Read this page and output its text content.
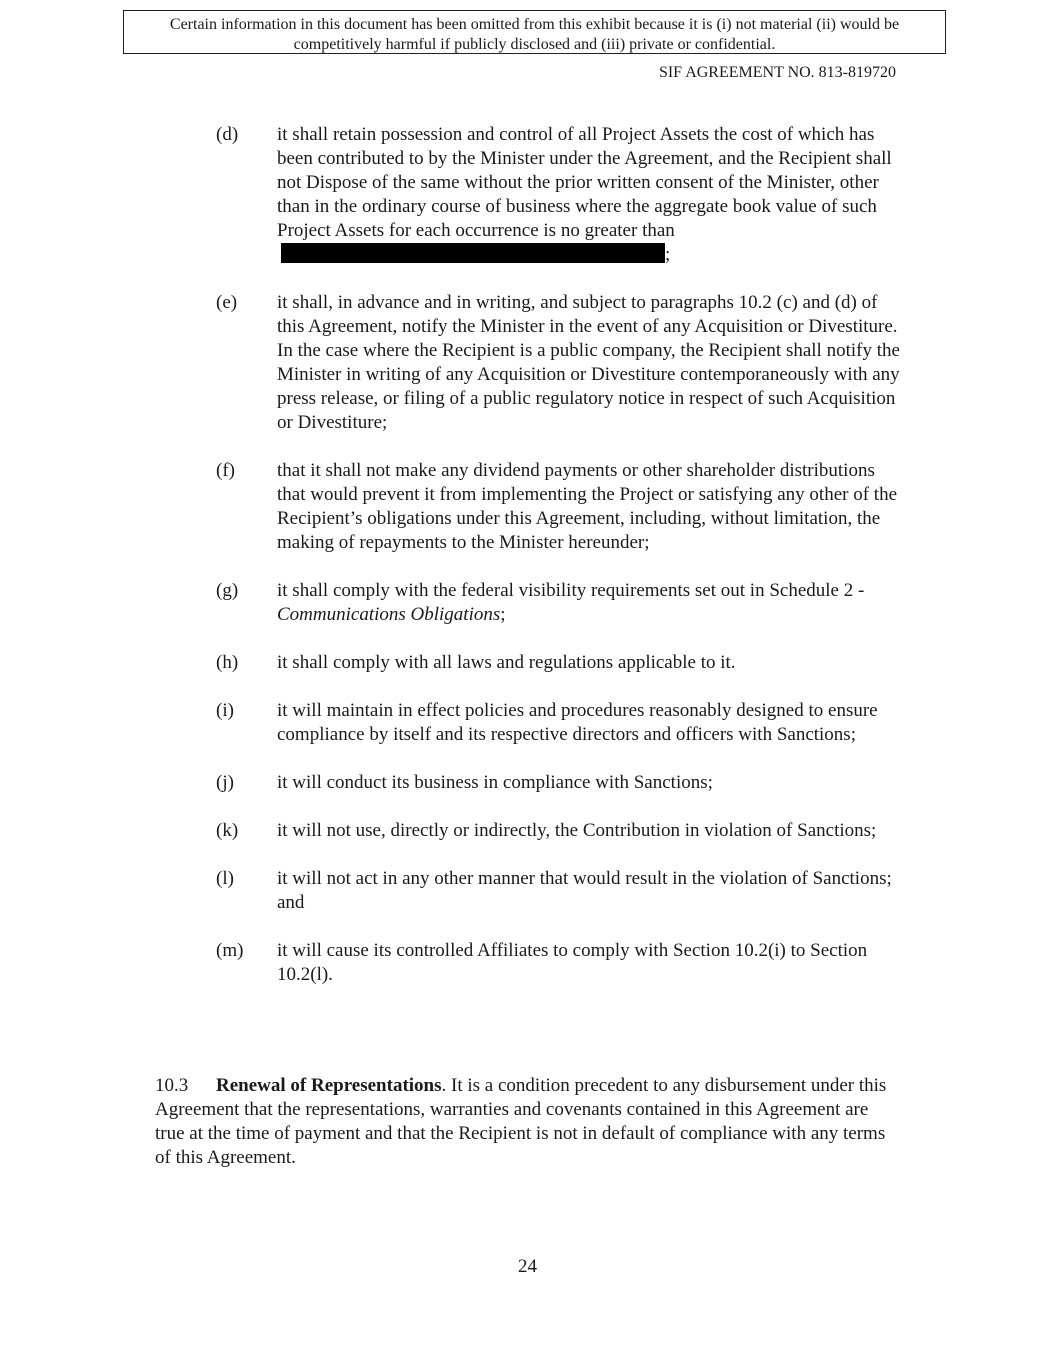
Certain information in this document has been omitted from this exhibit because it is (i) not material (ii) would be competitively harmful if publicly disclosed and (iii) private or confidential.
SIF AGREEMENT NO. 813-819720
(d)	it shall retain possession and control of all Project Assets the cost of which has been contributed to by the Minister under the Agreement, and the Recipient shall not Dispose of the same without the prior written consent of the Minister, other than in the ordinary course of business where the aggregate book value of such Project Assets for each occurrence is no greater than;
(e)	it shall, in advance and in writing, and subject to paragraphs 10.2 (c) and (d) of this Agreement, notify the Minister in the event of any Acquisition or Divestiture. In the case where the Recipient is a public company, the Recipient shall notify the Minister in writing of any Acquisition or Divestiture contemporaneously with any press release, or filing of a public regulatory notice in respect of such Acquisition or Divestiture;
(f)	that it shall not make any dividend payments or other shareholder distributions that would prevent it from implementing the Project or satisfying any other of the Recipient’s obligations under this Agreement, including, without limitation, the making of repayments to the Minister hereunder;
(g)	it shall comply with the federal visibility requirements set out in Schedule 2 - Communications Obligations;
(h)	it shall comply with all laws and regulations applicable to it.
(i)	it will maintain in effect policies and procedures reasonably designed to ensure compliance by itself and its respective directors and officers with Sanctions;
(j)	it will conduct its business in compliance with Sanctions;
(k)	it will not use, directly or indirectly, the Contribution in violation of Sanctions;
(l)	it will not act in any other manner that would result in the violation of Sanctions; and
(m)	it will cause its controlled Affiliates to comply with Section 10.2(i) to Section 10.2(l).
10.3 Renewal of Representations. It is a condition precedent to any disbursement under this Agreement that the representations, warranties and covenants contained in this Agreement are true at the time of payment and that the Recipient is not in default of compliance with any terms of this Agreement.
24
